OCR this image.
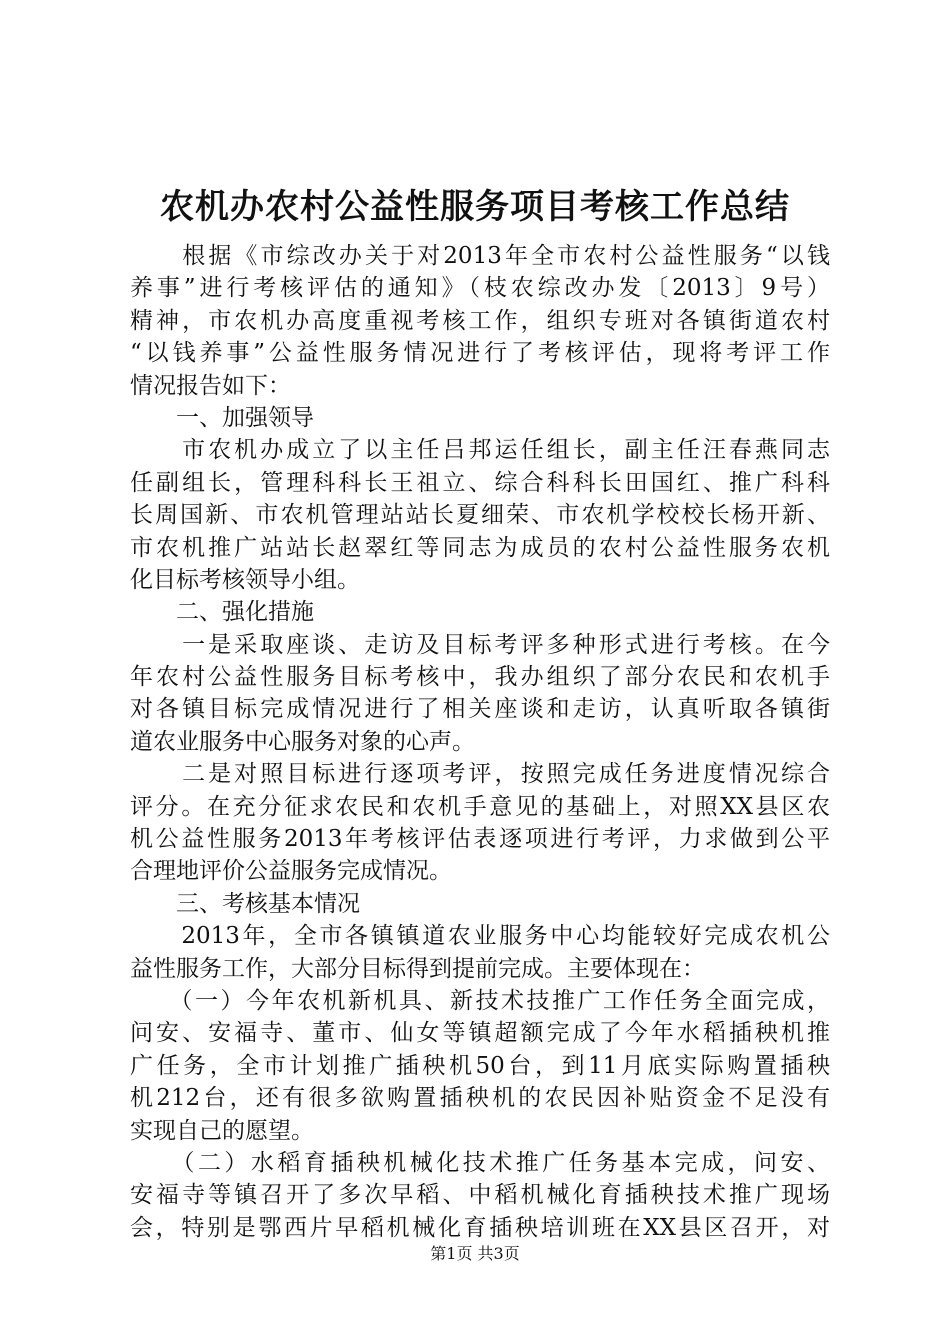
农机办农村公益性服务项目考核工作总结
　　根据《市综改办关于对2013年全市农村公益性服务“以钱
养事”进行考核评估的通知》（枝农综改办发〔2013〕9号）
精神，市农机办高度重视考核工作，组织专班对各镇街道农村
“以钱养事”公益性服务情况进行了考核评估，现将考评工作
情况报告如下：
　　一、加强领导
　　市农机办成立了以主任吕邦运任组长，副主任汪春燕同志
任副组长，管理科科长王祖立、综合科科长田国红、推广科科
长周国新、市农机管理站站长夏细荣、市农机学校校长杨开新、
市农机推广站站长赵翠红等同志为成员的农村公益性服务农机
化目标考核领导小组。
　　二、强化措施
　　一是采取座谈、走访及目标考评多种形式进行考核。在今
年农村公益性服务目标考核中，我办组织了部分农民和农机手
对各镇目标完成情况进行了相关座谈和走访，认真听取各镇街
道农业服务中心服务对象的心声。
　　二是对照目标进行逐项考评，按照完成任务进度情况综合
评分。在充分征求农民和农机手意见的基础上，对照XX县区农
机公益性服务2013年考核评估表逐项进行考评，力求做到公平
合理地评价公益服务完成情况。
　　三、考核基本情况
　　2013年，全市各镇镇道农业服务中心均能较好完成农机公
益性服务工作，大部分目标得到提前完成。主要体现在：
　　（一）今年农机新机具、新技术技推广工作任务全面完成，
问安、安福寺、董市、仙女等镇超额完成了今年水稻插秧机推
广任务，全市计划推广插秧机50台，到11月底实际购置插秧
机212台，还有很多欲购置插秧机的农民因补贴资金不足没有
实现自己的愿望。
　　（二）水稻育插秧机械化技术推广任务基本完成，问安、
安福寺等镇召开了多次早稻、中稻机械化育插秧技术推广现场
会，特别是鄂西片早稻机械化育插秧培训班在XX县区召开，对
第1页 共3页
